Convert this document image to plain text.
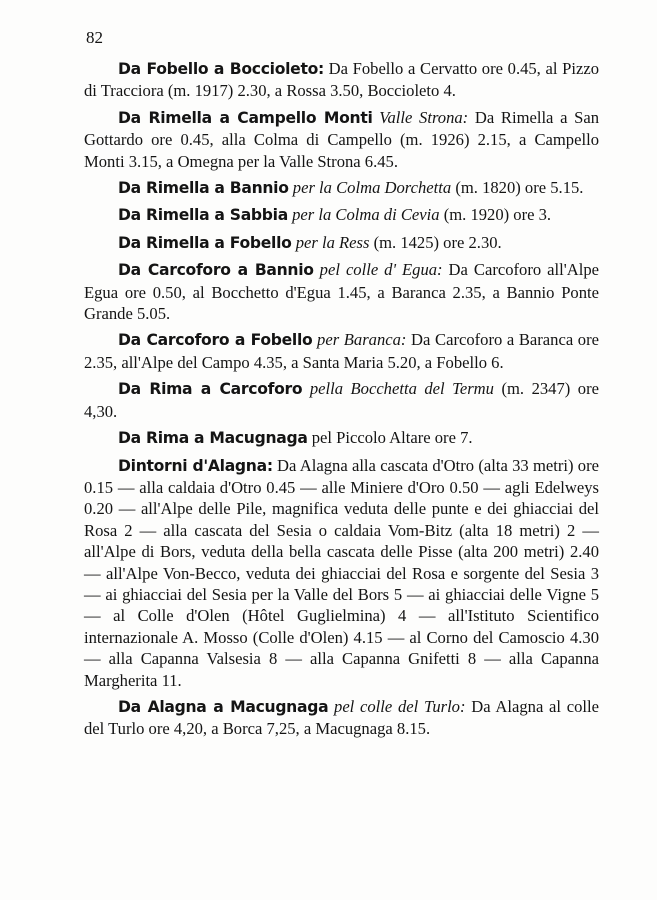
82

Da Fobello a Boccioleto: Da Fobello a Cervatto ore 0.45, al Pizzo di Tracciora (m. 1917) 2.30, a Rossa 3.50, Boccioleto 4.

Da Rimella a Campello Monti Valle Strona: Da Rimella a San Gottardo ore 0.45, alla Colma di Campello (m. 1926) 2.15, a Campello Monti 3.15, a Omegna per la Valle Strona 6.45.

Da Rimella a Bannio per la Colma Dorchetta (m. 1820) ore 5.15.

Da Rimella a Sabbia per la Colma di Cevia (m. 1920) ore 3.

Da Rimella a Fobello per la Ress (m. 1425) ore 2.30.

Da Carcoforo a Bannio pel colle d' Egua: Da Carcoforo all'Alpe Egua ore 0.50, al Bocchetto d'Egua 1.45, a Baranca 2.35, a Bannio Ponte Grande 5.05.

Da Carcoforo a Fobello per Baranca: Da Carcoforo a Baranca ore 2.35, all'Alpe del Campo 4.35, a Santa Maria 5.20, a Fobello 6.

Da Rima a Carcoforo pella Bocchetta del Termu (m. 2347) ore 4,30.

Da Rima a Macugnaga pel Piccolo Altare ore 7.

Dintorni d'Alagna: Da Alagna alla cascata d'Otro (alta 33 metri) ore 0.15 — alla caldaia d'Otro 0.45 — alle Miniere d'Oro 0.50 — agli Edelweys 0.20 — all'Alpe delle Pile, magnifica veduta delle punte e dei ghiacciai del Rosa 2 — alla cascata del Sesia o caldaia Vom-Bitz (alta 18 metri) 2 — all'Alpe di Bors, veduta della bella cascata delle Pisse (alta 200 metri) 2.40 — all'Alpe Von-Becco, veduta dei ghiacciai del Rosa e sorgente del Sesia 3 — ai ghiacciai del Sesia per la Valle del Bors 5 — ai ghiacciai delle Vigne 5 — al Colle d'Olen (Hôtel Guglielmina) 4 — all'Istituto Scientifico internazionale A. Mosso (Colle d'Olen) 4.15 — al Corno del Camoscio 4.30 — alla Capanna Valsesia 8 — alla Capanna Gnifetti 8 — alla Capanna Margherita 11.

Da Alagna a Macugnaga pel colle del Turlo: Da Alagna al colle del Turlo ore 4,20, a Borca 7,25, a Macugnaga 8.15.
